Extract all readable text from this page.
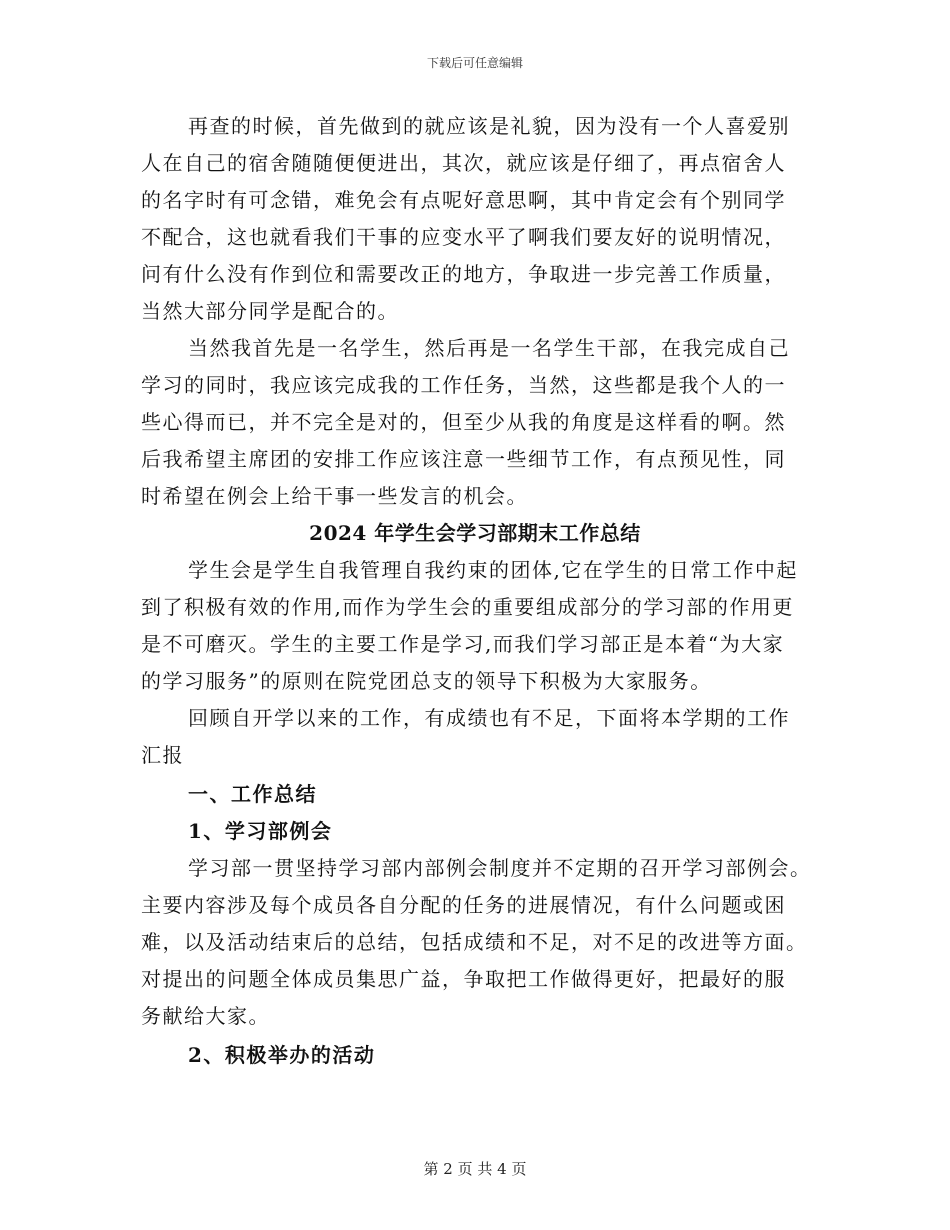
下载后可任意编辑
再查的时候，首先做到的就应该是礼貌，因为没有一个人喜爱别
人在自己的宿舍随随便便进出，其次，就应该是仔细了，再点宿舍人
的名字时有可念错，难免会有点呢好意思啊，其中肯定会有个别同学
不配合，这也就看我们干事的应变水平了啊我们要友好的说明情况，
问有什么没有作到位和需要改正的地方，争取进一步完善工作质量，
当然大部分同学是配合的。
当然我首先是一名学生，然后再是一名学生干部，在我完成自己
学习的同时，我应该完成我的工作任务，当然，这些都是我个人的一
些心得而已，并不完全是对的，但至少从我的角度是这样看的啊。然
后我希望主席团的安排工作应该注意一些细节工作，有点预见性，同
时希望在例会上给干事一些发言的机会。
2024 年学生会学习部期末工作总结
学生会是学生自我管理自我约束的团体,它在学生的日常工作中起
到了积极有效的作用,而作为学生会的重要组成部分的学习部的作用更
是不可磨灭。学生的主要工作是学习,而我们学习部正是本着“为大家
的学习服务”的原则在院党团总支的领导下积极为大家服务。
回顾自开学以来的工作，有成绩也有不足，下面将本学期的工作
汇报
一、工作总结
1、学习部例会
学习部一贯坚持学习部内部例会制度并不定期的召开学习部例会。
主要内容涉及每个成员各自分配的任务的进展情况，有什么问题或困
难，以及活动结束后的总结，包括成绩和不足，对不足的改进等方面。
对提出的问题全体成员集思广益，争取把工作做得更好，把最好的服
务献给大家。
2、积极举办的活动
第 2 页 共 4 页
